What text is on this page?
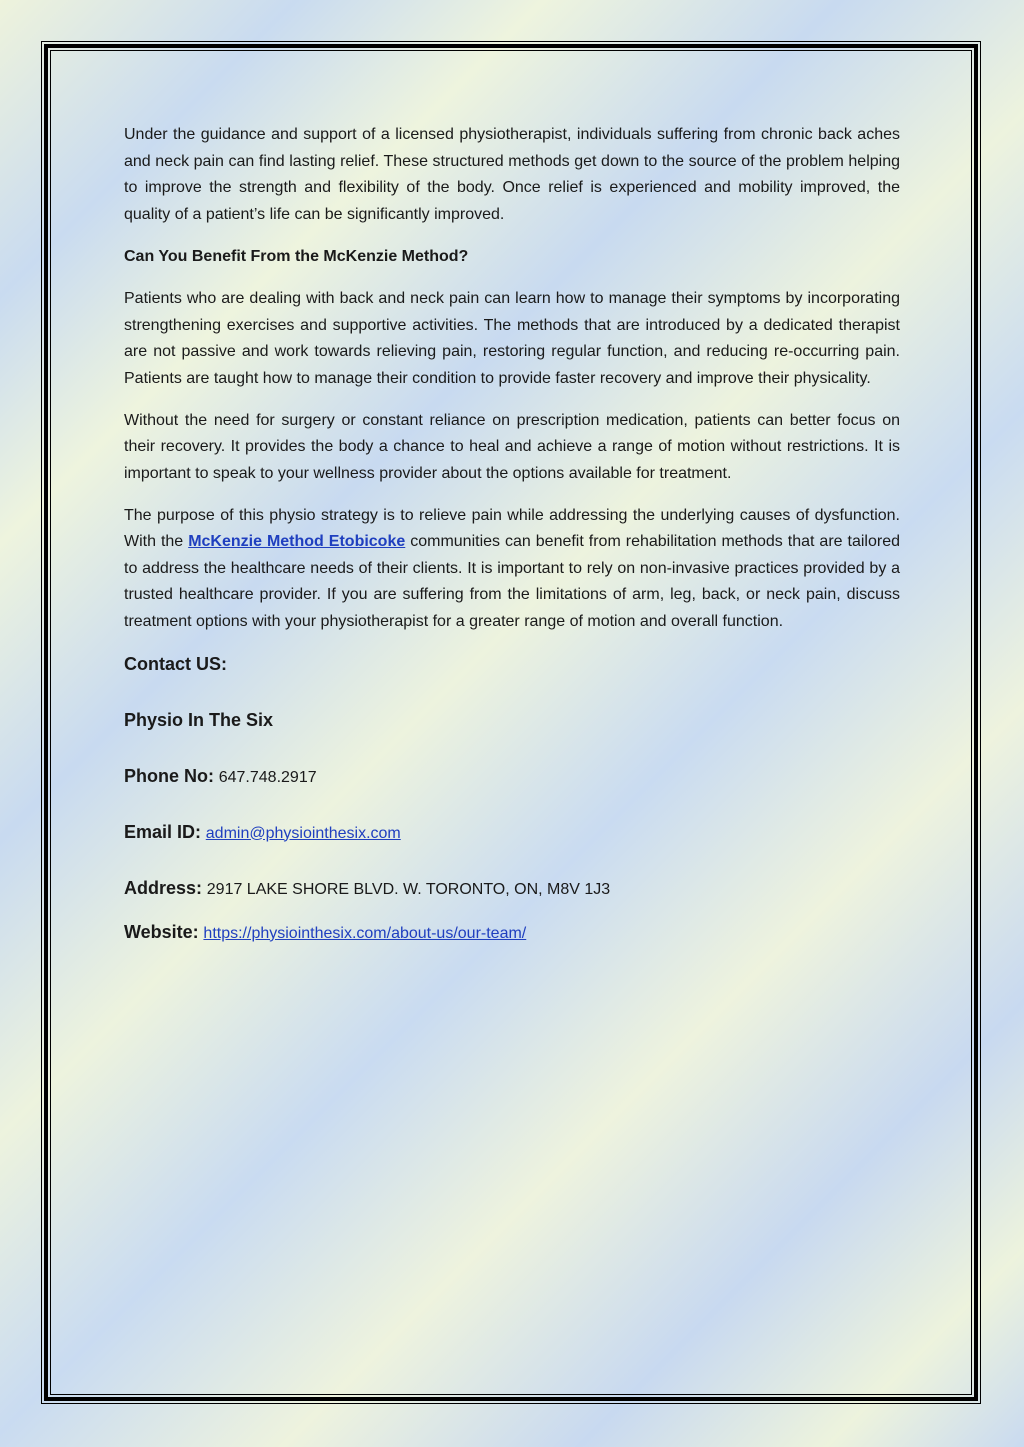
Under the guidance and support of a licensed physiotherapist, individuals suffering from chronic back aches and neck pain can find lasting relief. These structured methods get down to the source of the problem helping to improve the strength and flexibility of the body. Once relief is experienced and mobility improved, the quality of a patient’s life can be significantly improved.

Can You Benefit From the McKenzie Method?

Patients who are dealing with back and neck pain can learn how to manage their symptoms by incorporating strengthening exercises and supportive activities. The methods that are introduced by a dedicated therapist are not passive and work towards relieving pain, restoring regular function, and reducing re-occurring pain. Patients are taught how to manage their condition to provide faster recovery and improve their physicality.

Without the need for surgery or constant reliance on prescription medication, patients can better focus on their recovery. It provides the body a chance to heal and achieve a range of motion without restrictions. It is important to speak to your wellness provider about the options available for treatment.

The purpose of this physio strategy is to relieve pain while addressing the underlying causes of dysfunction. With the McKenzie Method Etobicoke communities can benefit from rehabilitation methods that are tailored to address the healthcare needs of their clients. It is important to rely on non-invasive practices provided by a trusted healthcare provider. If you are suffering from the limitations of arm, leg, back, or neck pain, discuss treatment options with your physiotherapist for a greater range of motion and overall function.

Contact US:
Physio In The Six
Phone No: 647.748.2917
Email ID: admin@physiointhesix.com
Address: 2917 LAKE SHORE BLVD. W. TORONTO, ON, M8V 1J3
Website: https://physiointhesix.com/about-us/our-team/
